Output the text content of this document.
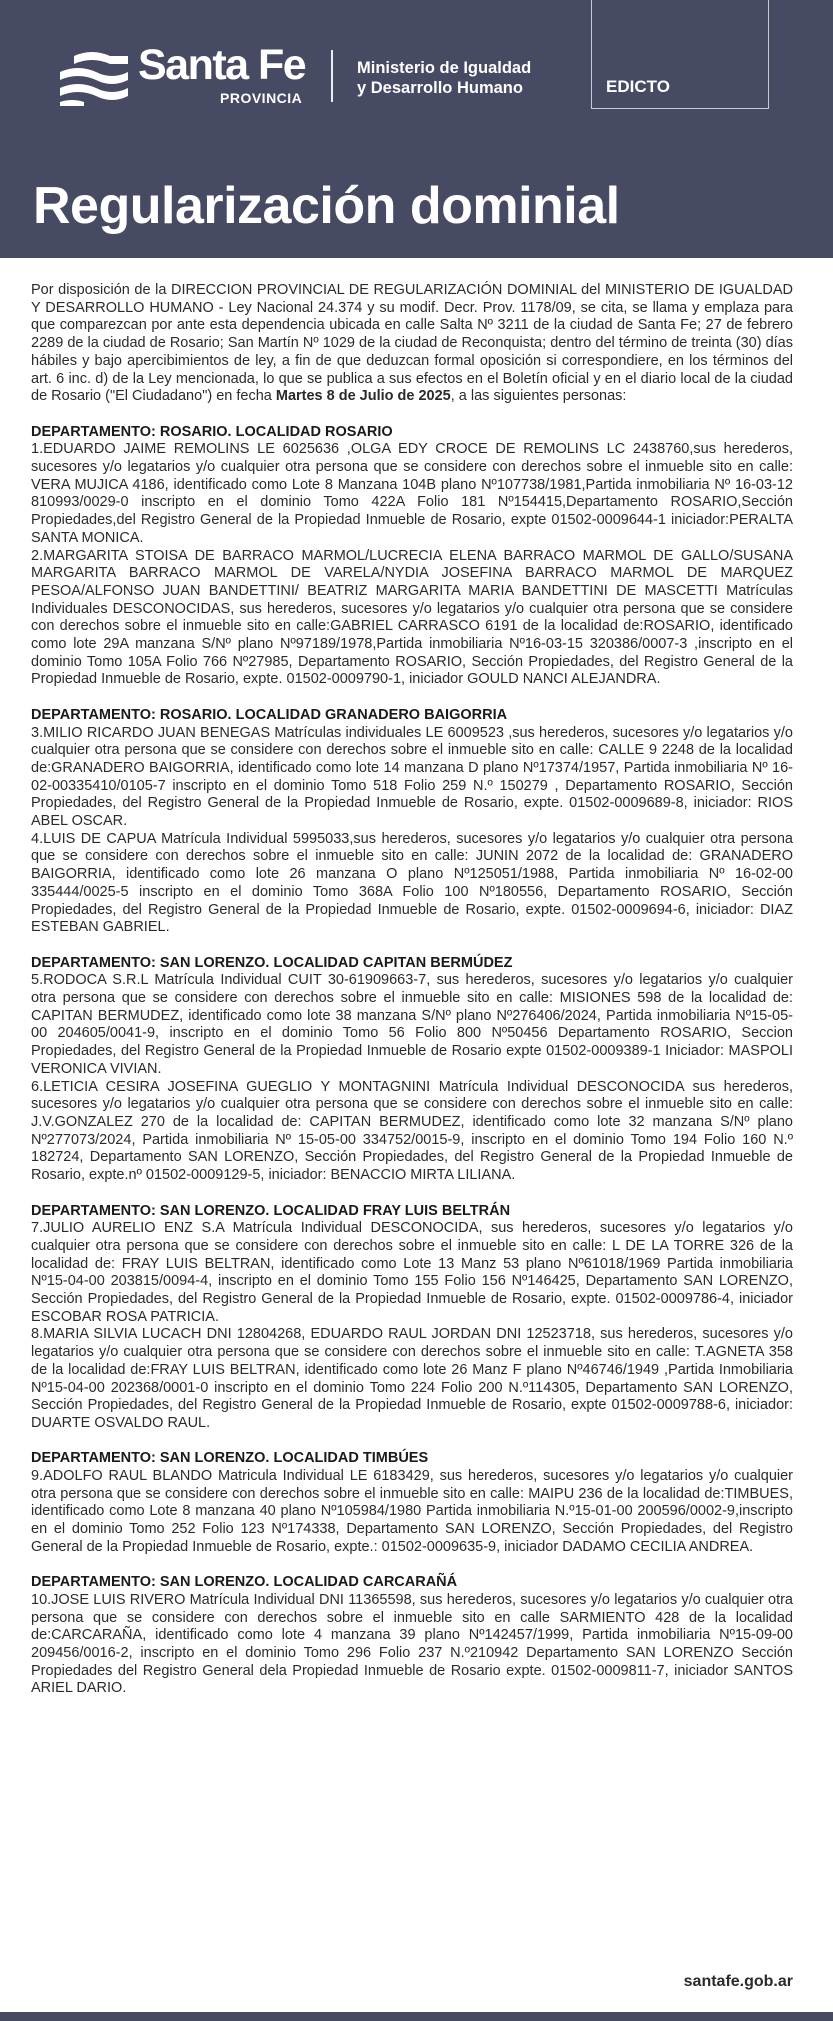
Santa Fe
PROVINCIA
Ministerio de Igualdad
y Desarrollo Humano	EDICTO
Regularización dominial

Por disposición de la DIRECCION PROVINCIAL DE REGULARIZACIÓN DOMINIAL del MINISTERIO DE IGUALDAD Y DESARROLLO HUMANO - Ley Nacional 24.374 y su modif. Decr. Prov. 1178/09, se cita, se llama y emplaza para que comparezcan por ante esta dependencia ubicada en calle Salta Nº 3211 de la ciudad de Santa Fe; 27 de febrero 2289 de la ciudad de Rosario; San Martín Nº 1029 de la ciudad de Reconquista; dentro del término de treinta (30) días hábiles y bajo apercibimientos de ley, a fin de que deduzcan formal oposición si correspondiere, en los términos del art. 6 inc. d) de la Ley mencionada, lo que se publica a sus efectos en el Boletín oficial y en el diario local de la ciudad de Rosario ("El Ciudadano") en fecha Martes 8 de Julio de 2025, a las siguientes personas:

DEPARTAMENTO: ROSARIO. LOCALIDAD ROSARIO

1.EDUARDO JAIME REMOLINS LE 6025636 ,OLGA EDY CROCE DE REMOLINS LC 2438760,sus herederos, sucesores y/o legatarios y/o cualquier otra persona que se considere con derechos sobre el inmueble sito en calle: VERA MUJICA 4186, identificado como Lote 8 Manzana 104B plano Nº107738/1981,Partida inmobiliaria Nº 16-03-12 810993/0029-0 inscripto en el dominio Tomo 422A Folio 181 Nº154415,Departamento ROSARIO,Sección Propiedades,del Registro General de la Propiedad Inmueble de Rosario, expte 01502-0009644-1 iniciador:PERALTA SANTA MONICA.

2.MARGARITA STOISA DE BARRACO MARMOL/LUCRECIA ELENA BARRACO MARMOL DE GALLO/SUSANA MARGARITA BARRACO MARMOL DE VARELA/NYDIA JOSEFINA BARRACO MARMOL DE MARQUEZ PESOA/ALFONSO JUAN BANDETTINI/ BEATRIZ MARGARITA MARIA BANDETTINI DE MASCETTI Matrículas Individuales DESCONOCIDAS, sus herederos, sucesores y/o legatarios y/o cualquier otra persona que se considere con derechos sobre el inmueble sito en calle:GABRIEL CARRASCO 6191 de la localidad de:ROSARIO, identificado como lote 29A manzana S/Nº plano Nº97189/1978,Partida inmobiliaria Nº16-03-15 320386/0007-3 ,inscripto en el dominio Tomo 105A Folio 766 Nº27985, Departamento ROSARIO, Sección Propiedades, del Registro General de la Propiedad Inmueble de Rosario, expte. 01502-0009790-1, iniciador GOULD NANCI ALEJANDRA.

DEPARTAMENTO: ROSARIO. LOCALIDAD GRANADERO BAIGORRIA

3.MILIO RICARDO JUAN BENEGAS Matrículas individuales LE 6009523 ,sus herederos, sucesores y/o legatarios y/o cualquier otra persona que se considere con derechos sobre el inmueble sito en calle: CALLE 9 2248 de la localidad de:GRANADERO BAIGORRIA, identificado como lote 14 manzana D plano Nº17374/1957, Partida inmobiliaria Nº 16-02-00335410/0105-7 inscripto en el dominio Tomo 518 Folio 259 N.º 150279 , Departamento ROSARIO, Sección Propiedades, del Registro General de la Propiedad Inmueble de Rosario, expte. 01502-0009689-8, iniciador: RIOS ABEL OSCAR.

4.LUIS DE CAPUA Matrícula Individual 5995033,sus herederos, sucesores y/o legatarios y/o cualquier otra persona que se considere con derechos sobre el inmueble sito en calle: JUNIN 2072 de la localidad de: GRANADERO BAIGORRIA, identificado como lote 26 manzana O plano Nº125051/1988, Partida inmobiliaria Nº 16-02-00 335444/0025-5 inscripto en el dominio Tomo 368A Folio 100 Nº180556, Departamento ROSARIO, Sección Propiedades, del Registro General de la Propiedad Inmueble de Rosario, expte. 01502-0009694-6, iniciador: DIAZ ESTEBAN GABRIEL.

DEPARTAMENTO: SAN LORENZO. LOCALIDAD CAPITAN BERMÚDEZ

5.RODOCA S.R.L Matrícula Individual CUIT 30-61909663-7, sus herederos, sucesores y/o legatarios y/o cualquier otra persona que se considere con derechos sobre el inmueble sito en calle: MISIONES 598 de la localidad de: CAPITAN BERMUDEZ, identificado como lote 38 manzana S/Nº plano Nº276406/2024, Partida inmobiliaria Nº15-05-00 204605/0041-9, inscripto en el dominio Tomo 56 Folio 800 Nº50456 Departamento ROSARIO, Seccion Propiedades, del Registro General de la Propiedad Inmueble de Rosario expte 01502-0009389-1 Iniciador: MASPOLI VERONICA VIVIAN.

6.LETICIA CESIRA JOSEFINA GUEGLIO Y MONTAGNINI Matrícula Individual DESCONOCIDA sus herederos, sucesores y/o legatarios y/o cualquier otra persona que se considere con derechos sobre el inmueble sito en calle: J.V.GONZALEZ 270 de la localidad de: CAPITAN BERMUDEZ, identificado como lote 32 manzana S/Nº plano Nº277073/2024, Partida inmobiliaria Nº 15-05-00 334752/0015-9, inscripto en el dominio Tomo 194 Folio 160 N.º 182724, Departamento SAN LORENZO, Sección Propiedades, del Registro General de la Propiedad Inmueble de Rosario, expte.nº 01502-0009129-5, iniciador: BENACCIO MIRTA LILIANA.

DEPARTAMENTO: SAN LORENZO. LOCALIDAD FRAY LUIS BELTRÁN

7.JULIO AURELIO ENZ S.A Matrícula Individual DESCONOCIDA, sus herederos, sucesores y/o legatarios y/o cualquier otra persona que se considere con derechos sobre el inmueble sito en calle: L DE LA TORRE 326 de la localidad de: FRAY LUIS BELTRAN, identificado como Lote 13 Manz 53 plano Nº61018/1969 Partida inmobiliaria Nº15-04-00 203815/0094-4, inscripto en el dominio Tomo 155 Folio 156 Nº146425, Departamento SAN LORENZO, Sección Propiedades, del Registro General de la Propiedad Inmueble de Rosario, expte. 01502-0009786-4, iniciador ESCOBAR ROSA PATRICIA.

8.MARIA SILVIA LUCACH DNI 12804268, EDUARDO RAUL JORDAN DNI 12523718, sus herederos, sucesores y/o legatarios y/o cualquier otra persona que se considere con derechos sobre el inmueble sito en calle: T.AGNETA 358 de la localidad de:FRAY LUIS BELTRAN, identificado como lote 26 Manz F plano Nº46746/1949 ,Partida Inmobiliaria Nº15-04-00 202368/0001-0 inscripto en el dominio Tomo 224 Folio 200 N.º114305, Departamento SAN LORENZO, Sección Propiedades, del Registro General de la Propiedad Inmueble de Rosario, expte 01502-0009788-6, iniciador: DUARTE OSVALDO RAUL.

DEPARTAMENTO: SAN LORENZO. LOCALIDAD TIMBÚES

9.ADOLFO RAUL BLANDO Matricula Individual LE 6183429, sus herederos, sucesores y/o legatarios y/o cualquier otra persona que se considere con derechos sobre el inmueble sito en calle: MAIPU 236 de la localidad de:TIMBUES, identificado como Lote 8 manzana 40 plano Nº105984/1980 Partida inmobiliaria N.º15-01-00 200596/0002-9,inscripto en el dominio Tomo 252 Folio 123 Nº174338, Departamento SAN LORENZO, Sección Propiedades, del Registro General de la Propiedad Inmueble de Rosario, expte.: 01502-0009635-9, iniciador DADAMO CECILIA ANDREA.

DEPARTAMENTO: SAN LORENZO. LOCALIDAD CARCARAÑÁ

10.JOSE LUIS RIVERO Matrícula Individual DNI 11365598, sus herederos, sucesores y/o legatarios y/o cualquier otra persona que se considere con derechos sobre el inmueble sito en calle SARMIENTO 428 de la localidad de:CARCARAÑA, identificado como lote 4 manzana 39 plano Nº142457/1999, Partida inmobiliaria Nº15-09-00 209456/0016-2, inscripto en el dominio Tomo 296 Folio 237 N.º210942 Departamento SAN LORENZO Sección Propiedades del Registro General dela Propiedad Inmueble de Rosario expte. 01502-0009811-7, iniciador SANTOS ARIEL DARIO.

santafe.gob.ar
